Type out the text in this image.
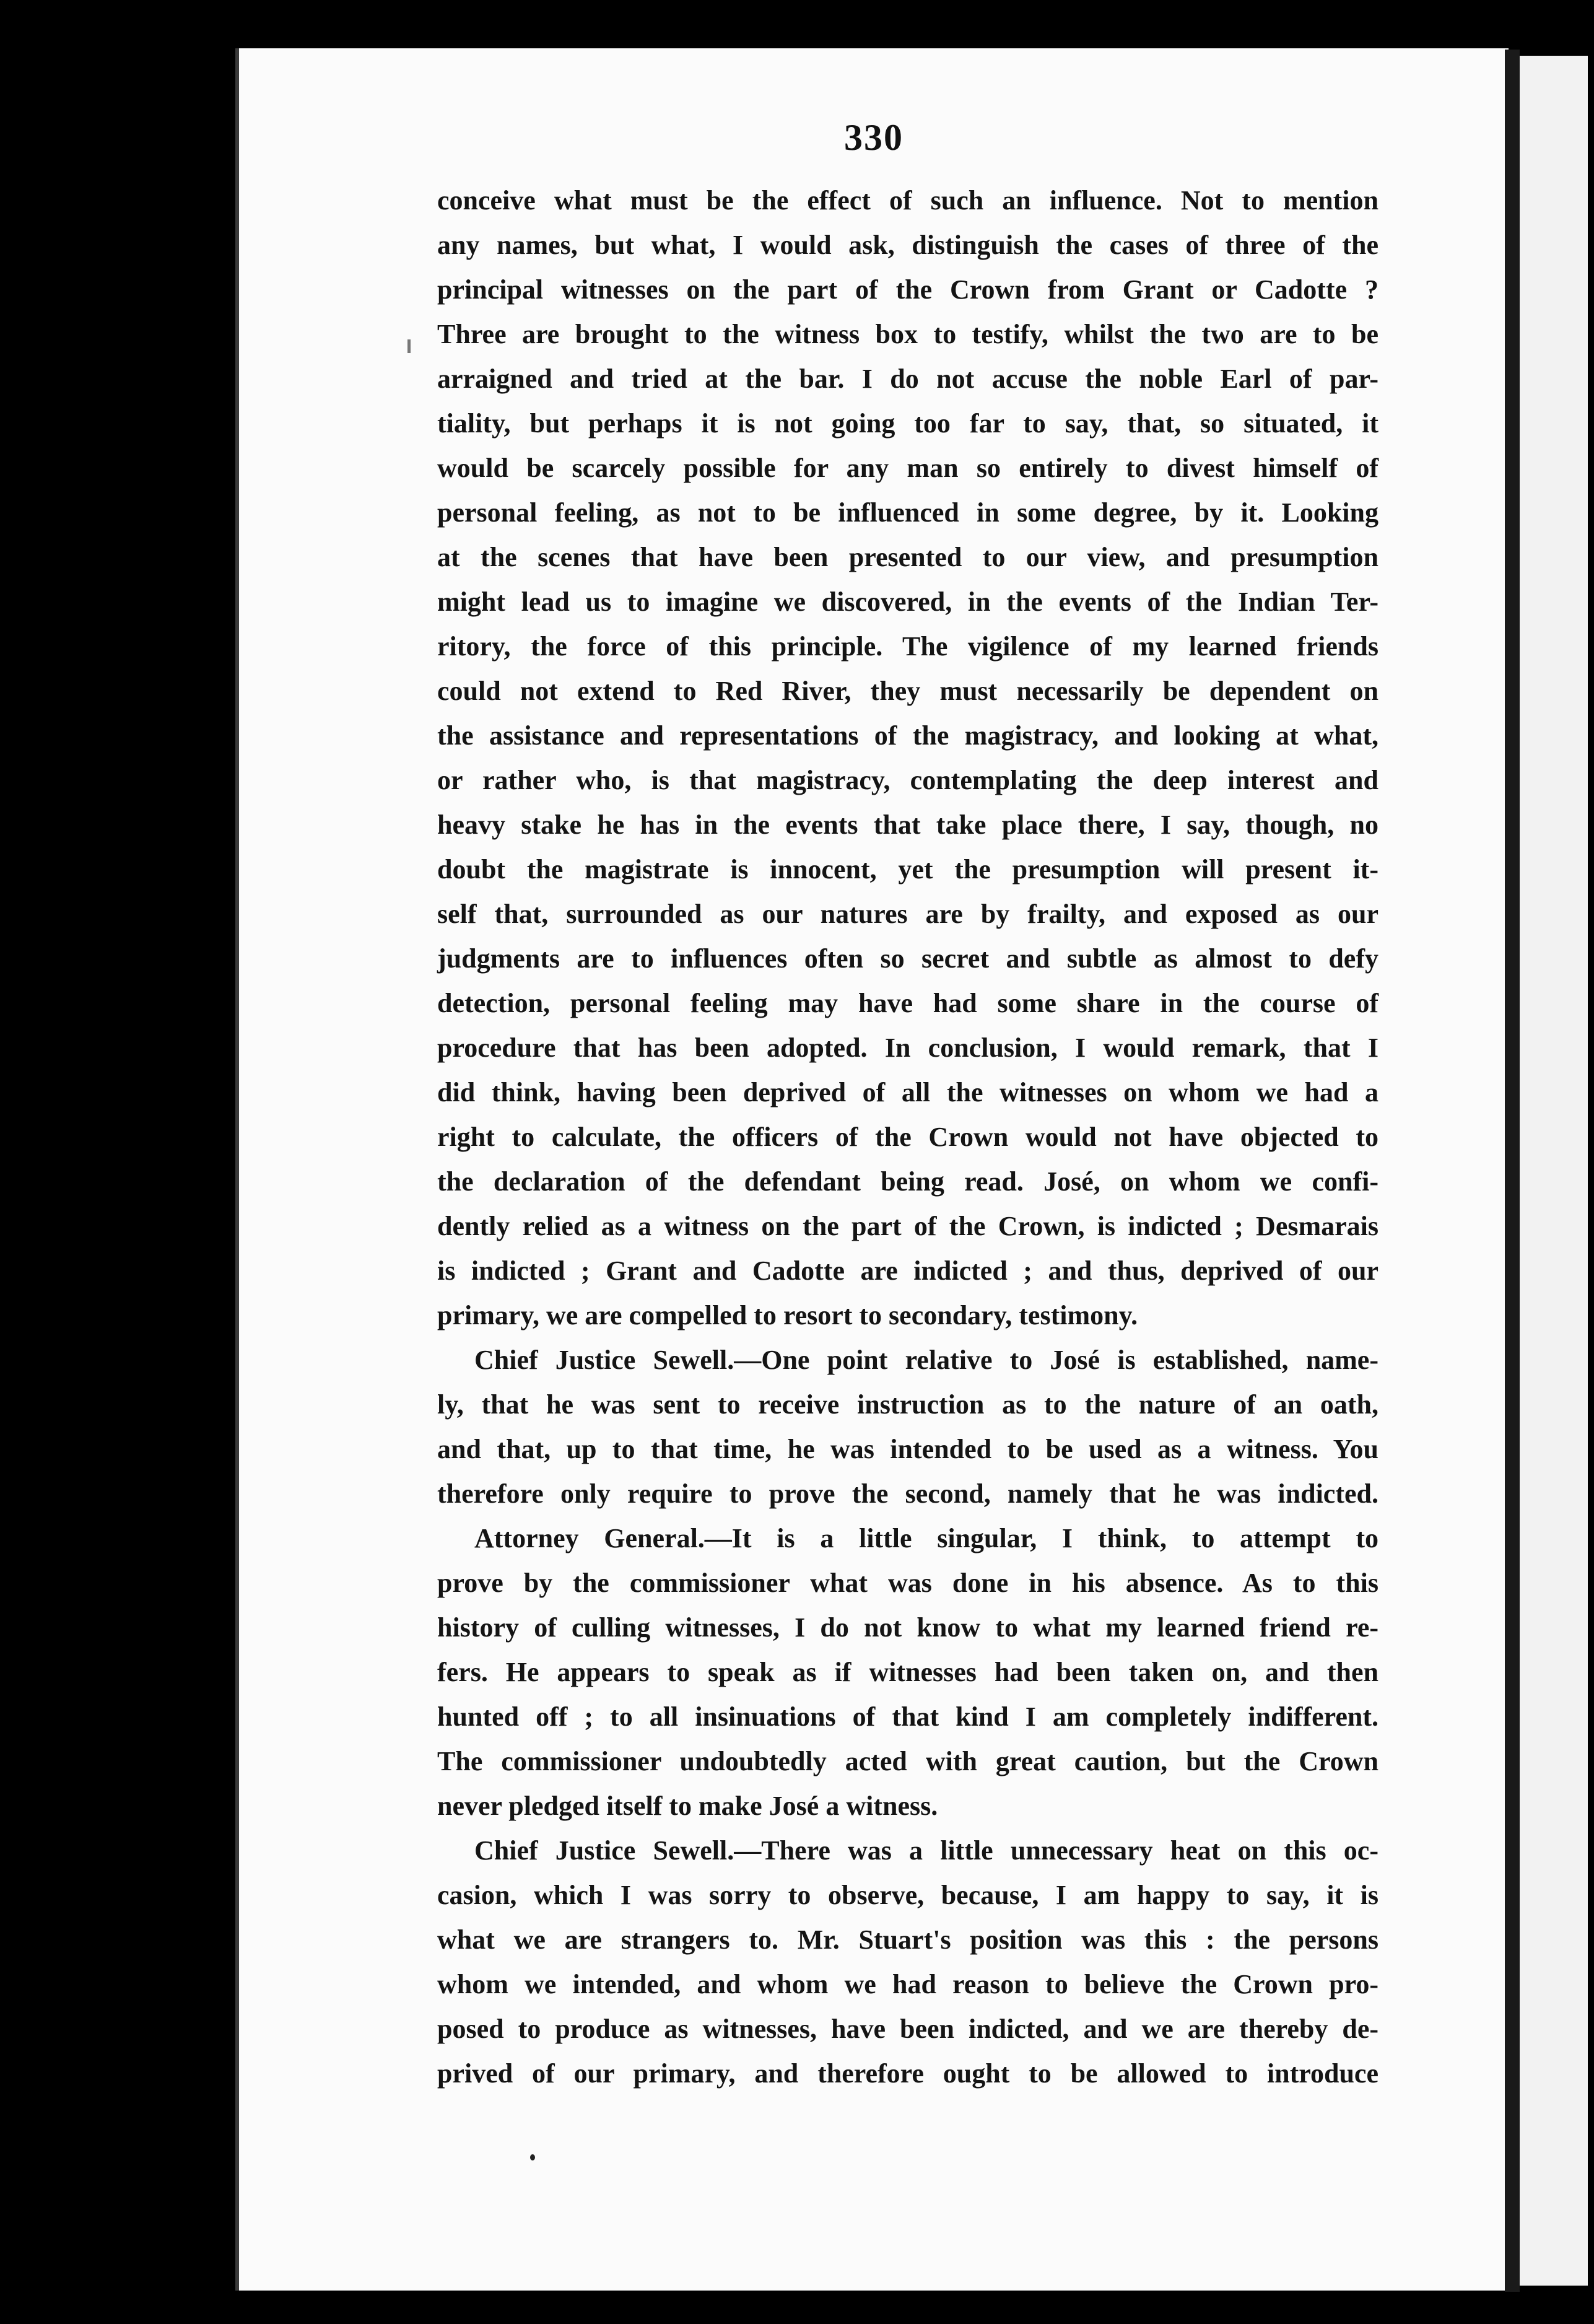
330
conceive what must be the effect of such an influence. Not to mention
any names, but what, I would ask, distinguish the cases of three of the
principal witnesses on the part of the Crown from Grant or Cadotte ?
Three are brought to the witness box to testify, whilst the two are to be
arraigned and tried at the bar. I do not accuse the noble Earl of par-
tiality, but perhaps it is not going too far to say, that, so situated, it
would be scarcely possible for any man so entirely to divest himself of
personal feeling, as not to be influenced in some degree, by it. Looking
at the scenes that have been presented to our view, and presumption
might lead us to imagine we discovered, in the events of the Indian Ter-
ritory, the force of this principle. The vigilence of my learned friends
could not extend to Red River, they must necessarily be dependent on
the assistance and representations of the magistracy, and looking at what,
or rather who, is that magistracy, contemplating the deep interest and
heavy stake he has in the events that take place there, I say, though, no
doubt the magistrate is innocent, yet the presumption will present it-
self that, surrounded as our natures are by frailty, and exposed as our
judgments are to influences often so secret and subtle as almost to defy
detection, personal feeling may have had some share in the course of
procedure that has been adopted. In conclusion, I would remark, that I
did think, having been deprived of all the witnesses on whom we had a
right to calculate, the officers of the Crown would not have objected to
the declaration of the defendant being read. José, on whom we confi-
dently relied as a witness on the part of the Crown, is indicted ; Desmarais
is indicted ; Grant and Cadotte are indicted ; and thus, deprived of our
primary, we are compelled to resort to secondary, testimony.
Chief Justice Sewell.—One point relative to José is established, name-
ly, that he was sent to receive instruction as to the nature of an oath,
and that, up to that time, he was intended to be used as a witness. You
therefore only require to prove the second, namely that he was indicted.
Attorney General.—It is a little singular, I think, to attempt to
prove by the commissioner what was done in his absence. As to this
history of culling witnesses, I do not know to what my learned friend re-
fers. He appears to speak as if witnesses had been taken on, and then
hunted off ; to all insinuations of that kind I am completely indifferent.
The commissioner undoubtedly acted with great caution, but the Crown
never pledged itself to make José a witness.
Chief Justice Sewell.—There was a little unnecessary heat on this oc-
casion, which I was sorry to observe, because, I am happy to say, it is
what we are strangers to. Mr. Stuart's position was this : the persons
whom we intended, and whom we had reason to believe the Crown pro-
posed to produce as witnesses, have been indicted, and we are thereby de-
prived of our primary, and therefore ought to be allowed to introduce
